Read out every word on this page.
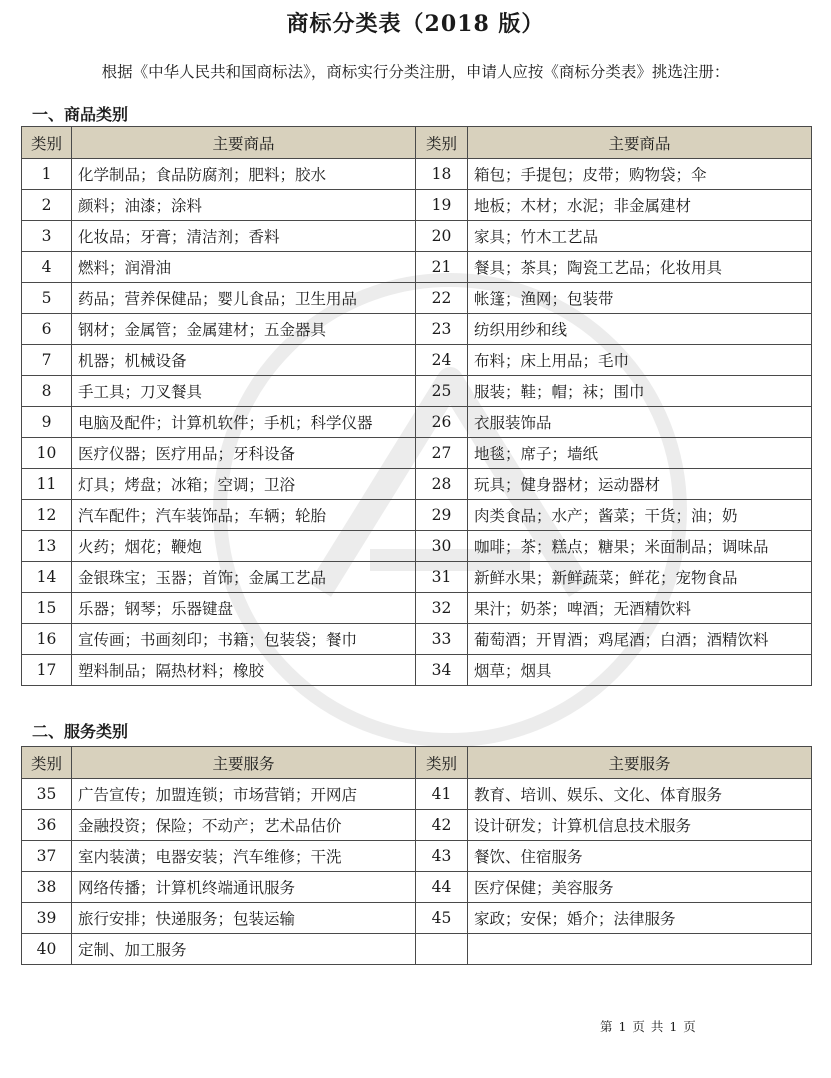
商标分类表（2018 版）
根据《中华人民共和国商标法》，商标实行分类注册，申请人应按《商标分类表》挑选注册：
一、商品类别
类别	主要商品	类别	主要商品
1	化学制品；食品防腐剂；肥料；胶水	18	箱包；手提包；皮带；购物袋；伞
2	颜料；油漆；涂料	19	地板；木材；水泥；非金属建材
3	化妆品；牙膏；清洁剂；香料	20	家具；竹木工艺品
4	燃料；润滑油	21	餐具；茶具；陶瓷工艺品；化妆用具
5	药品；营养保健品；婴儿食品；卫生用品	22	帐篷；渔网；包装带
6	钢材；金属管；金属建材；五金器具	23	纺织用纱和线
7	机器；机械设备	24	布料；床上用品；毛巾
8	手工具；刀叉餐具	25	服装；鞋；帽；袜；围巾
9	电脑及配件；计算机软件；手机；科学仪器	26	衣服装饰品
10	医疗仪器；医疗用品；牙科设备	27	地毯；席子；墙纸
11	灯具；烤盘；冰箱；空调；卫浴	28	玩具；健身器材；运动器材
12	汽车配件；汽车装饰品；车辆；轮胎	29	肉类食品；水产；酱菜；干货；油；奶
13	火药；烟花；鞭炮	30	咖啡；茶；糕点；糖果；米面制品；调味品
14	金银珠宝；玉器；首饰；金属工艺品	31	新鲜水果；新鲜蔬菜；鲜花；宠物食品
15	乐器；钢琴；乐器键盘	32	果汁；奶茶；啤酒；无酒精饮料
16	宣传画；书画刻印；书籍；包装袋；餐巾	33	葡萄酒；开胃酒；鸡尾酒；白酒；酒精饮料
17	塑料制品；隔热材料；橡胶	34	烟草；烟具
二、服务类别
类别	主要服务	类别	主要服务
35	广告宣传；加盟连锁；市场营销；开网店	41	教育、培训、娱乐、文化、体育服务
36	金融投资；保险；不动产；艺术品估价	42	设计研发；计算机信息技术服务
37	室内装潢；电器安装；汽车维修；干洗	43	餐饮、住宿服务
38	网络传播；计算机终端通讯服务	44	医疗保健；美容服务
39	旅行安排；快递服务；包装运输	45	家政；安保；婚介；法律服务
40	定制、加工服务		
第 1 页 共 1 页
